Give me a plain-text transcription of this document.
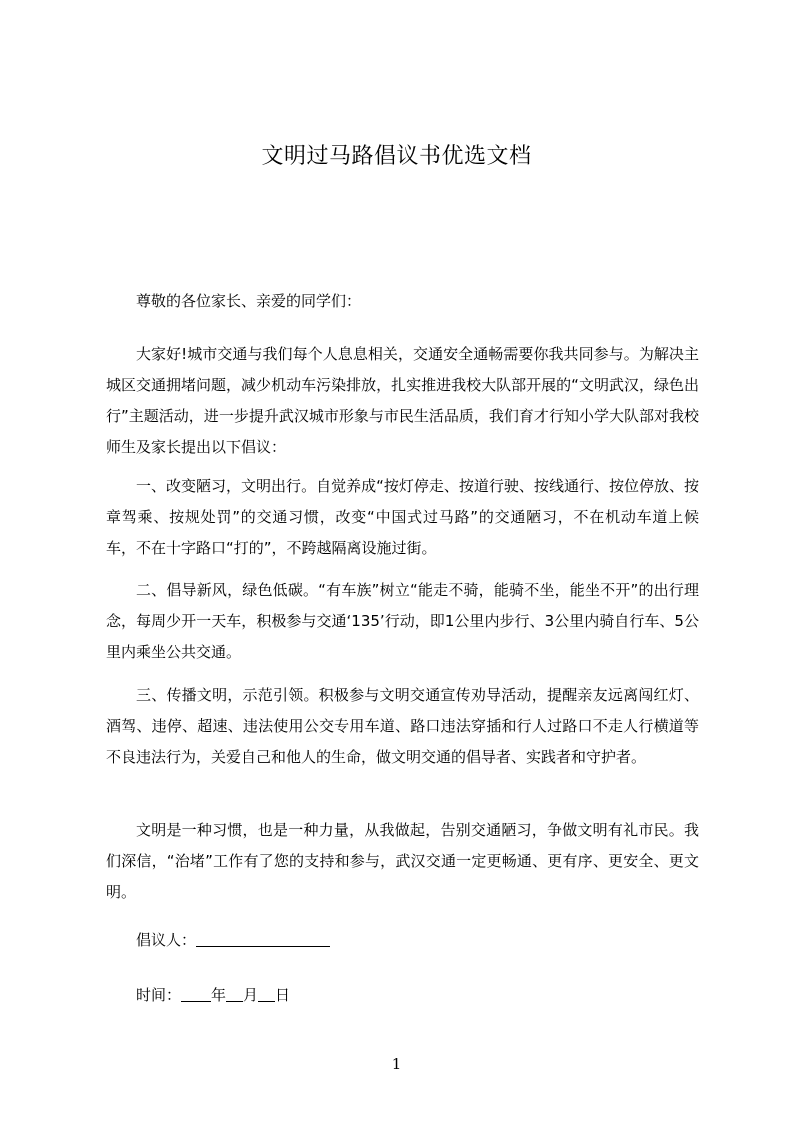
文明过马路倡议书优选文档

尊敬的各位家长、亲爱的同学们：

大家好!城市交通与我们每个人息息相关，交通安全通畅需要你我共同参与。为解决主城区交通拥堵问题，减少机动车污染排放，扎实推进我校大队部开展的“文明武汉，绿色出行”主题活动，进一步提升武汉城市形象与市民生活品质，我们育才行知小学大队部对我校师生及家长提出以下倡议：

一、改变陋习，文明出行。自觉养成“按灯停走、按道行驶、按线通行、按位停放、按章驾乘、按规处罚”的交通习惯，改变“中国式过马路”的交通陋习，不在机动车道上候车，不在十字路口“打的”，不跨越隔离设施过街。

二、倡导新风，绿色低碳。“有车族”树立“能走不骑，能骑不坐，能坐不开”的出行理念，每周少开一天车，积极参与交通‘135’行动，即1公里内步行、3公里内骑自行车、5公里内乘坐公共交通。

三、传播文明，示范引领。积极参与文明交通宣传劝导活动，提醒亲友远离闯红灯、酒驾、违停、超速、违法使用公交专用车道、路口违法穿插和行人过路口不走人行横道等不良违法行为，关爱自己和他人的生命，做文明交通的倡导者、实践者和守护者。

文明是一种习惯，也是一种力量，从我做起，告别交通陋习，争做文明有礼市民。我们深信，“治堵”工作有了您的支持和参与，武汉交通一定更畅通、更有序、更安全、更文明。

倡议人：

时间： 年 月 日

1
